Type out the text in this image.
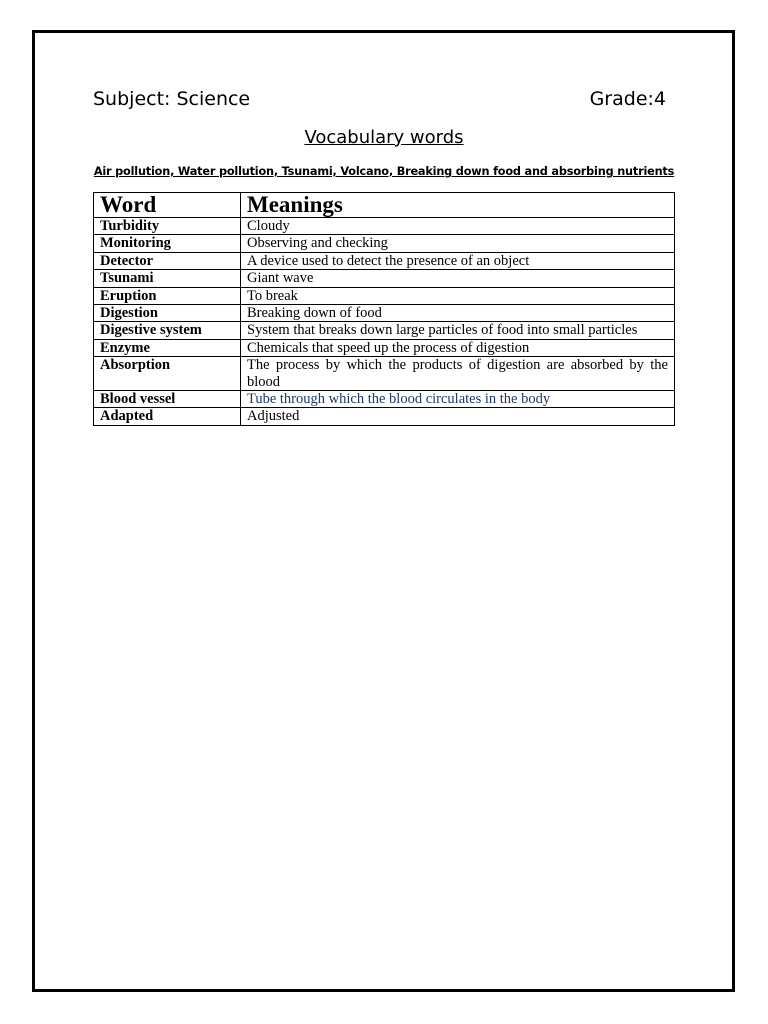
Subject: Science	Grade:4
Vocabulary words
Air pollution, Water pollution, Tsunami, Volcano, Breaking down food and absorbing nutrients
Word	Meanings
Turbidity	Cloudy
Monitoring	Observing and checking
Detector	A device used to detect the presence of an object
Tsunami	Giant wave
Eruption	To break
Digestion	Breaking down of food
Digestive system	System that breaks down large particles of food into small particles
Enzyme	Chemicals that speed up the process of digestion
Absorption	The process by which the products of digestion are absorbed by the blood
Blood vessel	Tube through which the blood circulates in the body
Adapted	Adjusted
